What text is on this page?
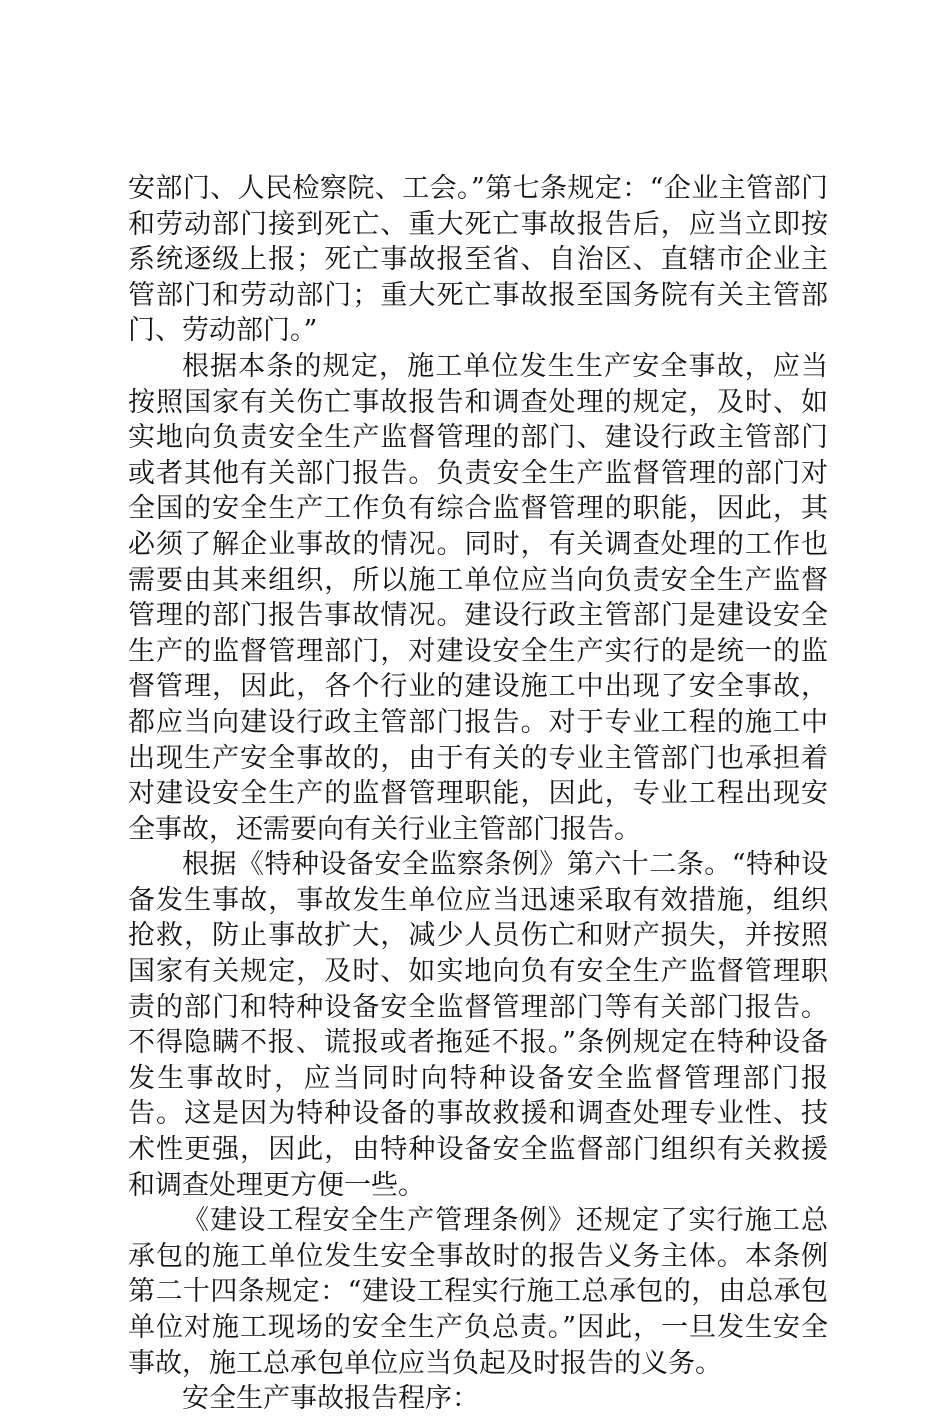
安部门、人民检察院、工会。”第七条规定：“企业主管部门和劳动部门接到死亡、重大死亡事故报告后，应当立即按系统逐级上报；死亡事故报至省、自治区、直辖市企业主管部门和劳动部门；重大死亡事故报至国务院有关主管部门、劳动部门。”

根据本条的规定，施工单位发生生产安全事故，应当按照国家有关伤亡事故报告和调查处理的规定，及时、如实地向负责安全生产监督管理的部门、建设行政主管部门或者其他有关部门报告。负责安全生产监督管理的部门对全国的安全生产工作负有综合监督管理的职能，因此，其必须了解企业事故的情况。同时，有关调查处理的工作也需要由其来组织，所以施工单位应当向负责安全生产监督管理的部门报告事故情况。建设行政主管部门是建设安全生产的监督管理部门，对建设安全生产实行的是统一的监督管理，因此，各个行业的建设施工中出现了安全事故，都应当向建设行政主管部门报告。对于专业工程的施工中出现生产安全事故的，由于有关的专业主管部门也承担着对建设安全生产的监督管理职能，因此，专业工程出现安全事故，还需要向有关行业主管部门报告。

根据《特种设备安全监察条例》第六十二条。“特种设备发生事故，事故发生单位应当迅速采取有效措施，组织抢救，防止事故扩大，减少人员伤亡和财产损失，并按照国家有关规定，及时、如实地向负有安全生产监督管理职责的部门和特种设备安全监督管理部门等有关部门报告。不得隐瞒不报、谎报或者拖延不报。”条例规定在特种设备发生事故时，应当同时向特种设备安全监督管理部门报告。这是因为特种设备的事故救援和调查处理专业性、技术性更强，因此，由特种设备安全监督部门组织有关救援和调查处理更方便一些。

《建设工程安全生产管理条例》还规定了实行施工总承包的施工单位发生安全事故时的报告义务主体。本条例第二十四条规定：“建设工程实行施工总承包的，由总承包单位对施工现场的安全生产负总责。”因此，一旦发生安全事故，施工总承包单位应当负起及时报告的义务。

安全生产事故报告程序：
